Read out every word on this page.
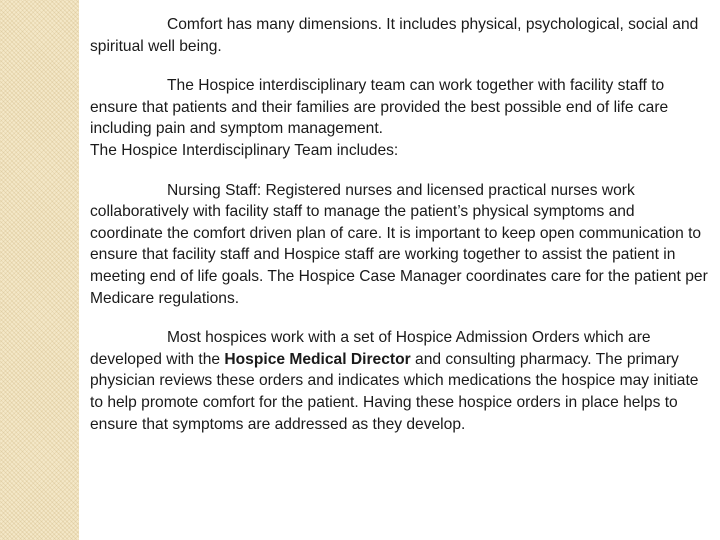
Comfort has many dimensions. It includes physical, psychological, social and spiritual well being.

The Hospice interdisciplinary team can work together with facility staff to ensure that patients and their families are provided the best possible end of life care including pain and symptom management.

The Hospice Interdisciplinary Team includes:

Nursing Staff: Registered nurses and licensed practical nurses work collaboratively with facility staff to manage the patient’s physical symptoms and coordinate the comfort driven plan of care. It is important to keep open communication to ensure that facility staff and Hospice staff are working together to assist the patient in meeting end of life goals. The Hospice Case Manager coordinates care for the patient per Medicare regulations.

Most hospices work with a set of Hospice Admission Orders which are developed with the Hospice Medical Director and consulting pharmacy. The primary physician reviews these orders and indicates which medications the hospice may initiate to help promote comfort for the patient. Having these hospice orders in place helps to ensure that symptoms are addressed as they develop.
